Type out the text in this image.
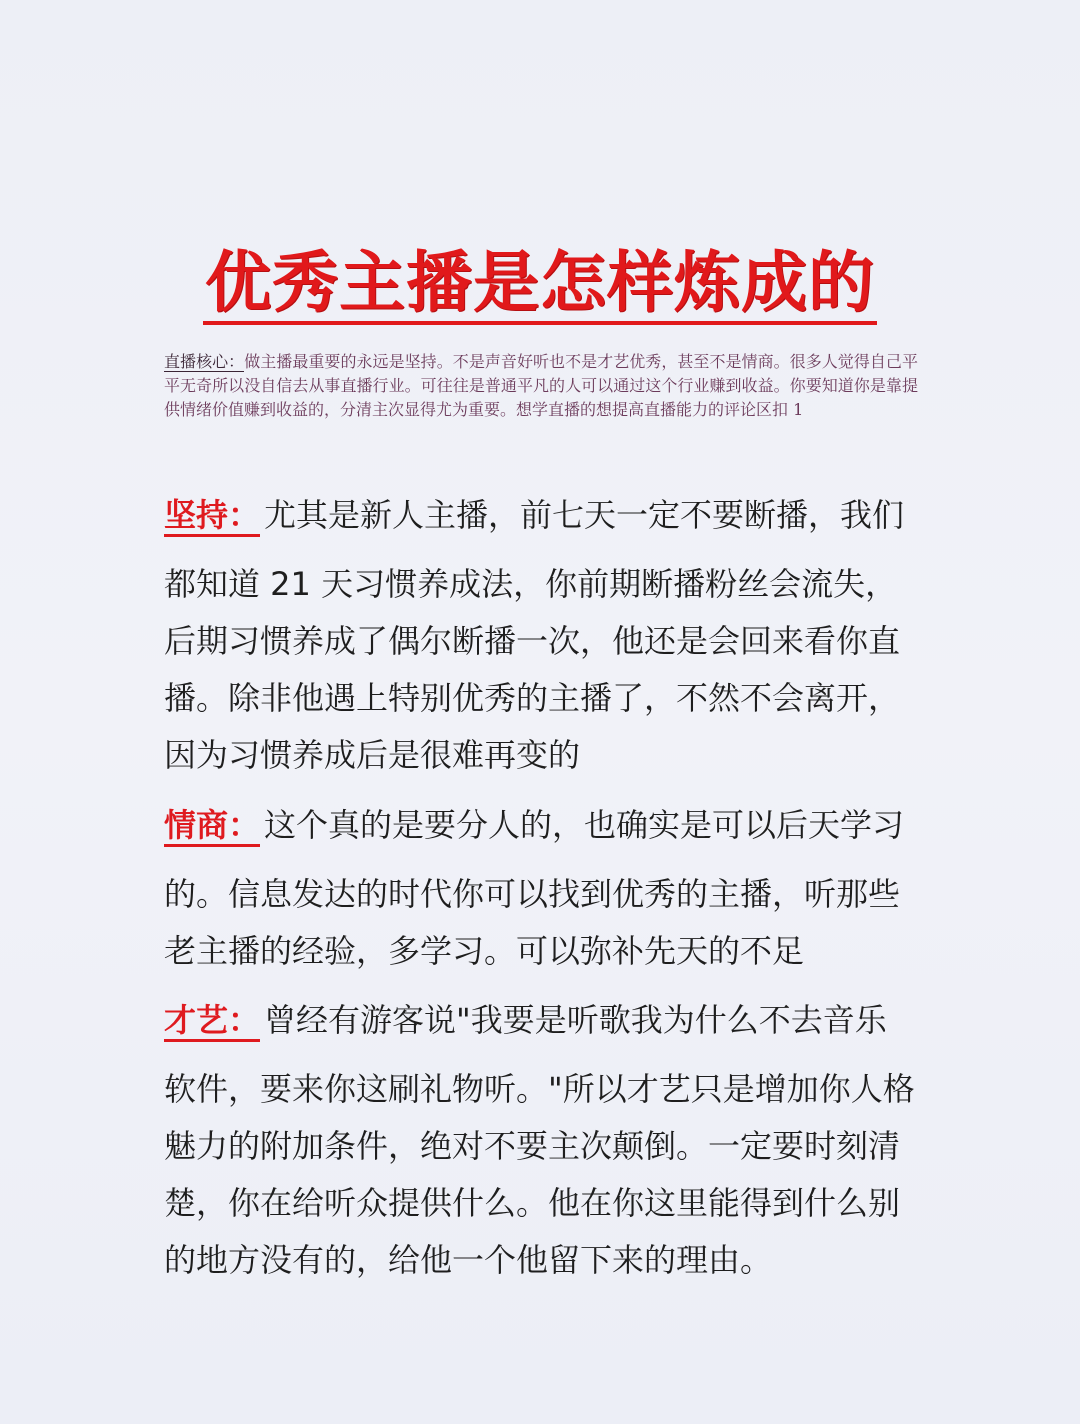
优秀主播是怎样炼成的

直播核心：做主播最重要的永远是坚持。不是声音好听也不是才艺优秀，甚至不是情商。很多人觉得自己平平无奇所以没自信去从事直播行业。可往往是普通平凡的人可以通过这个行业赚到收益。你要知道你是靠提供情绪价值赚到收益的，分清主次显得尤为重要。想学直播的想提高直播能力的评论区扣 1

坚持： 尤其是新人主播，前七天一定不要断播，我们
都知道 21 天习惯养成法，你前期断播粉丝会流失，
后期习惯养成了偶尔断播一次，他还是会回来看你直
播。除非他遇上特别优秀的主播了，不然不会离开，
因为习惯养成后是很难再变的
情商： 这个真的是要分人的，也确实是可以后天学习
的。信息发达的时代你可以找到优秀的主播，听那些
老主播的经验，多学习。可以弥补先天的不足
才艺： 曾经有游客说"我要是听歌我为什么不去音乐
软件，要来你这刷礼物听。"所以才艺只是增加你人格
魅力的附加条件，绝对不要主次颠倒。一定要时刻清
楚，你在给听众提供什么。他在你这里能得到什么别
的地方没有的，给他一个他留下来的理由。
